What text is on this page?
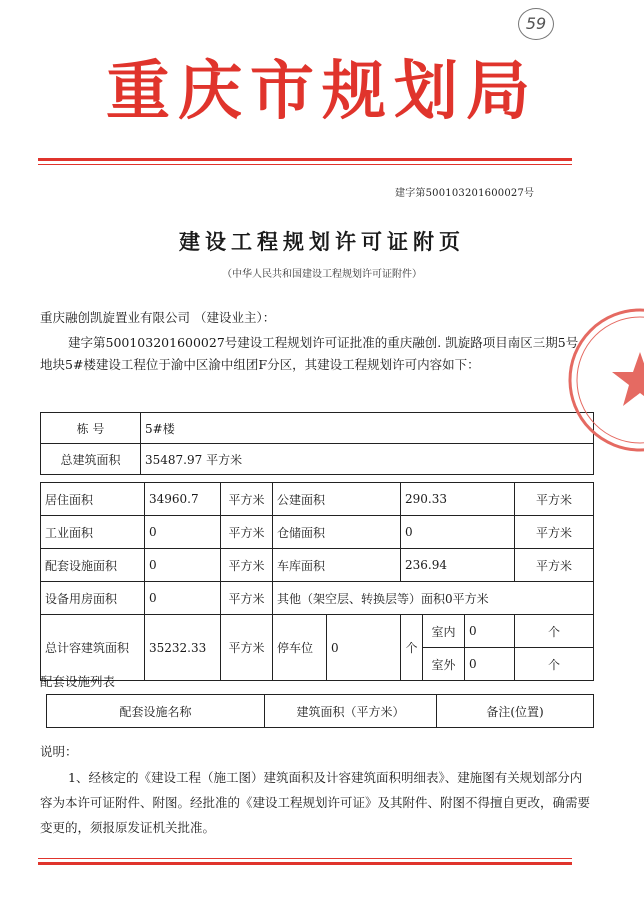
59
重庆市规划局
建字第500103201600027号
建设工程规划许可证附页
（中华人民共和国建设工程规划许可证附件）
重庆融创凯旋置业有限公司 （建设业主）：
建字第500103201600027号建设工程规划许可证批准的重庆融创. 凯旋路项目南区三期5号地块5#楼建设工程位于渝中区渝中组团F分区，其建设工程规划许可内容如下：
栋 号	5#楼
总建筑面积	35487.97 平方米
居住面积	34960.7	平方米	公建面积		290.33			平方米
工业面积	0	平方米	仓储面积		0			平方米
配套设施面积	0	平方米	车库面积		236.94			平方米
设备用房面积	0	平方米	其他（架空层、转换层等）面积0平方米					
总计容建筑面积	35232.33	平方米	停车位	0	个	室内	0	个
						室外	0	个
配套设施列表
配套设施名称	建筑面积（平方米）	备注(位置)
说明：
1、经核定的《建设工程（施工图）建筑面积及计容建筑面积明细表》、建施图有关规划部分内容为本许可证附件、附图。经批准的《建设工程规划许可证》及其附件、附图不得擅自更改，确需要变更的，须报原发证机关批准。
